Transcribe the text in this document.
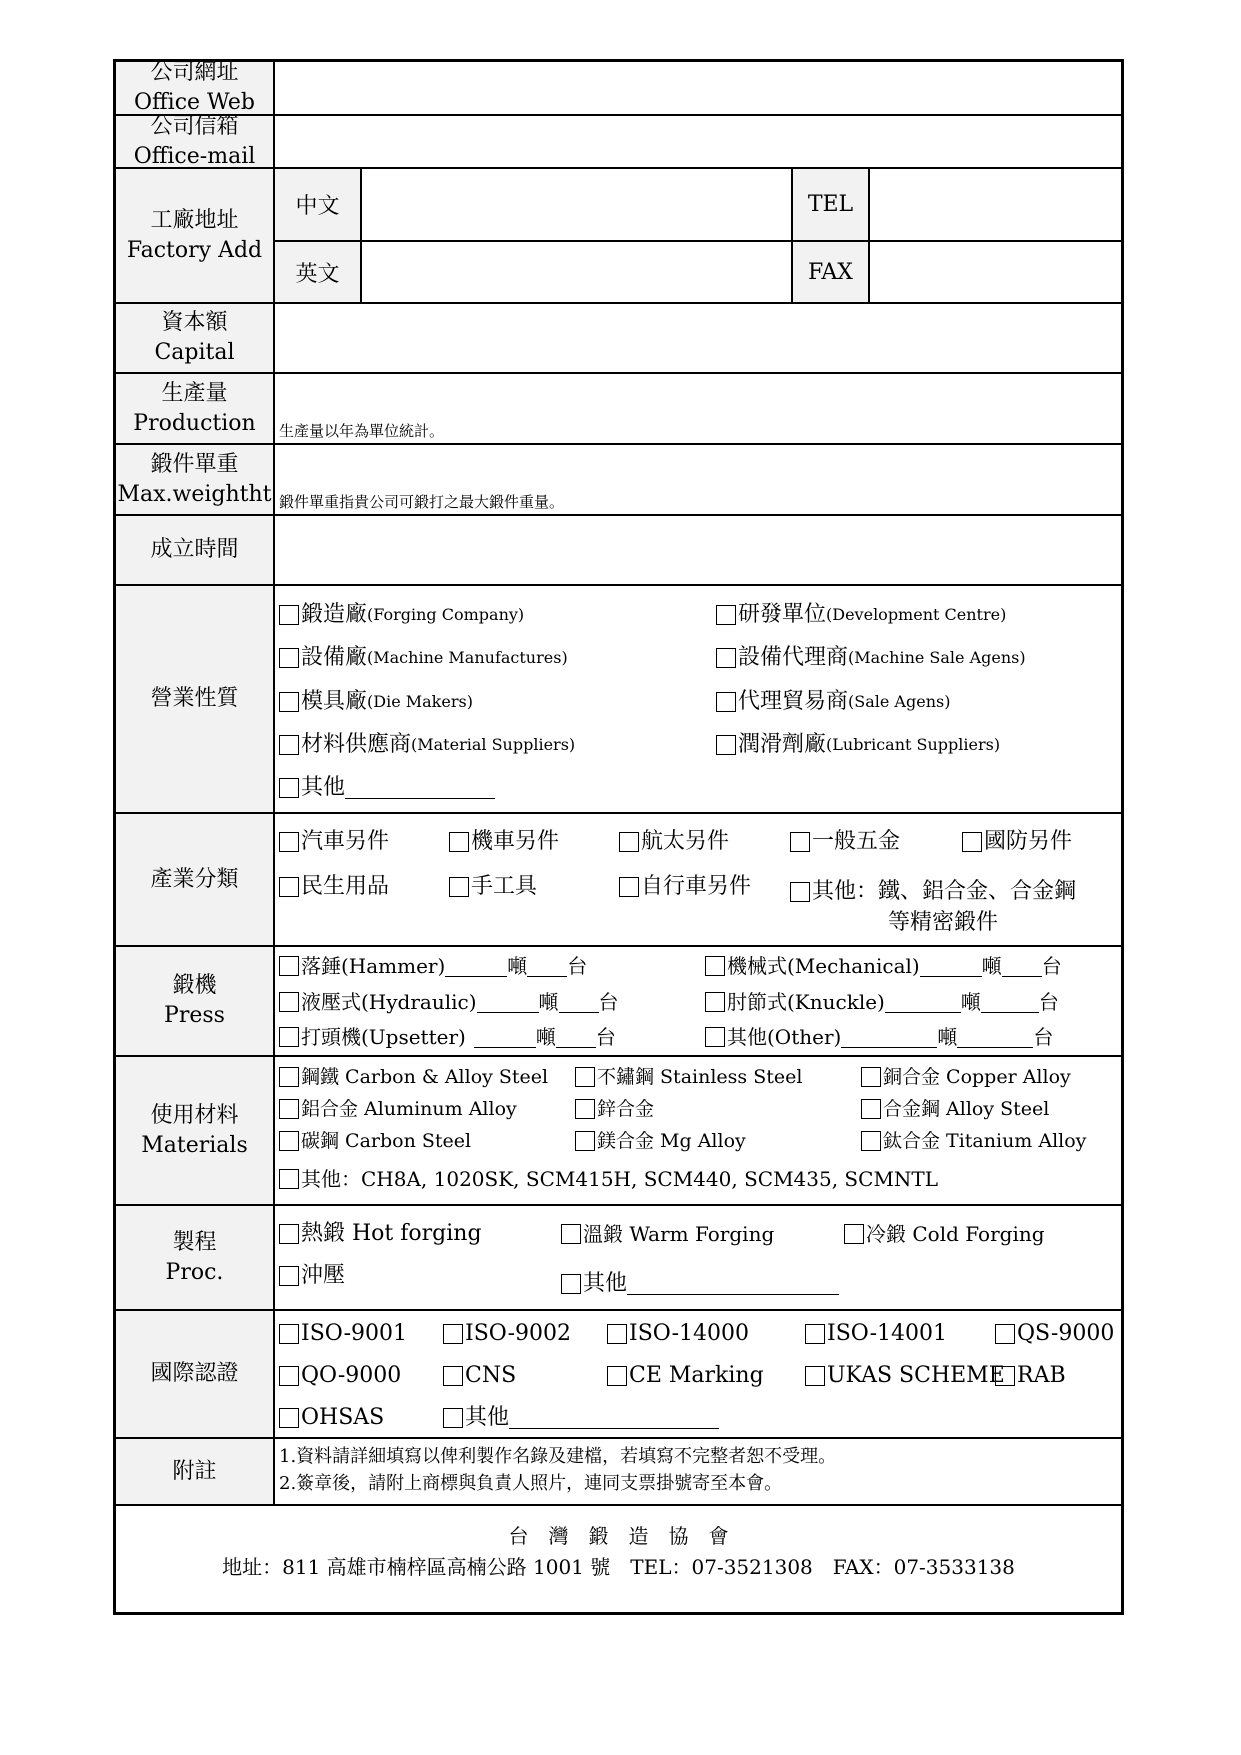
公司網址
Office Web
公司信箱
Office-mail
工廠地址
Factory Add
中文	TEL
英文	FAX
資本額
Capital
生產量
Production 生產量以年為單位統計。
鍛件單重
Max.weightht 鍛件單重指貴公司可鍛打之最大鍛件重量。
成立時間
營業性質
鍛造廠 (Forging Company)	研發單位 (Development Centre)
設備廠 (Machine Manufactures)	設備代理商 (Machine Sale Agens)
模具廠 (Die Makers)	代理貿易商 (Sale Agens)
材料供應商 (Material Suppliers)	潤滑劑廠 (Lubricant Suppliers)
其他
產業分類
汽車另件	機車另件	航太另件	一般五金	國防另件
民生用品	手工具	自行車另件	其他：鐵、鋁合金、合金鋼
等精密鍛件
鍛機
Press
落錘(Hammer)	噸 台	機械式(Mechanical)	噸 台
液壓式(Hydraulic)	噸 台	肘節式(Knuckle)	噸	台
打頭機(Upsetter)	噸 台	其他(Other)	噸	台
使用材料
Materials
鋼鐵 Carbon & Alloy Steel	不鏽鋼 Stainless Steel	銅合金 Copper Alloy
鋁合金 Aluminum Alloy	鋅合金	合金鋼 Alloy Steel
碳鋼 Carbon Steel	鎂合金 Mg Alloy	鈦合金 Titanium Alloy
其他：CH8A, 1020SK, SCM415H, SCM440, SCM435, SCMNTL
製程
Proc.
熱鍛 Hot forging	溫鍛 Warm Forging	冷鍛 Cold Forging
沖壓	其他
國際認證
ISO-9001	ISO-9002	ISO-14000	ISO-14001	QS-9000
QO-9000	CNS	CE Marking	UKAS SCHEME RAB
OHSAS	其他
附註
1.資料請詳細填寫以俾利製作名錄及建檔，若填寫不完整者恕不受理。
2.簽章後，請附上商標與負責人照片，連同支票掛號寄至本會。
台　灣　鍛　造　協　會
地址：811 高雄市楠梓區高楠公路 1001 號　TEL：07-3521308　FAX：07-3533138
